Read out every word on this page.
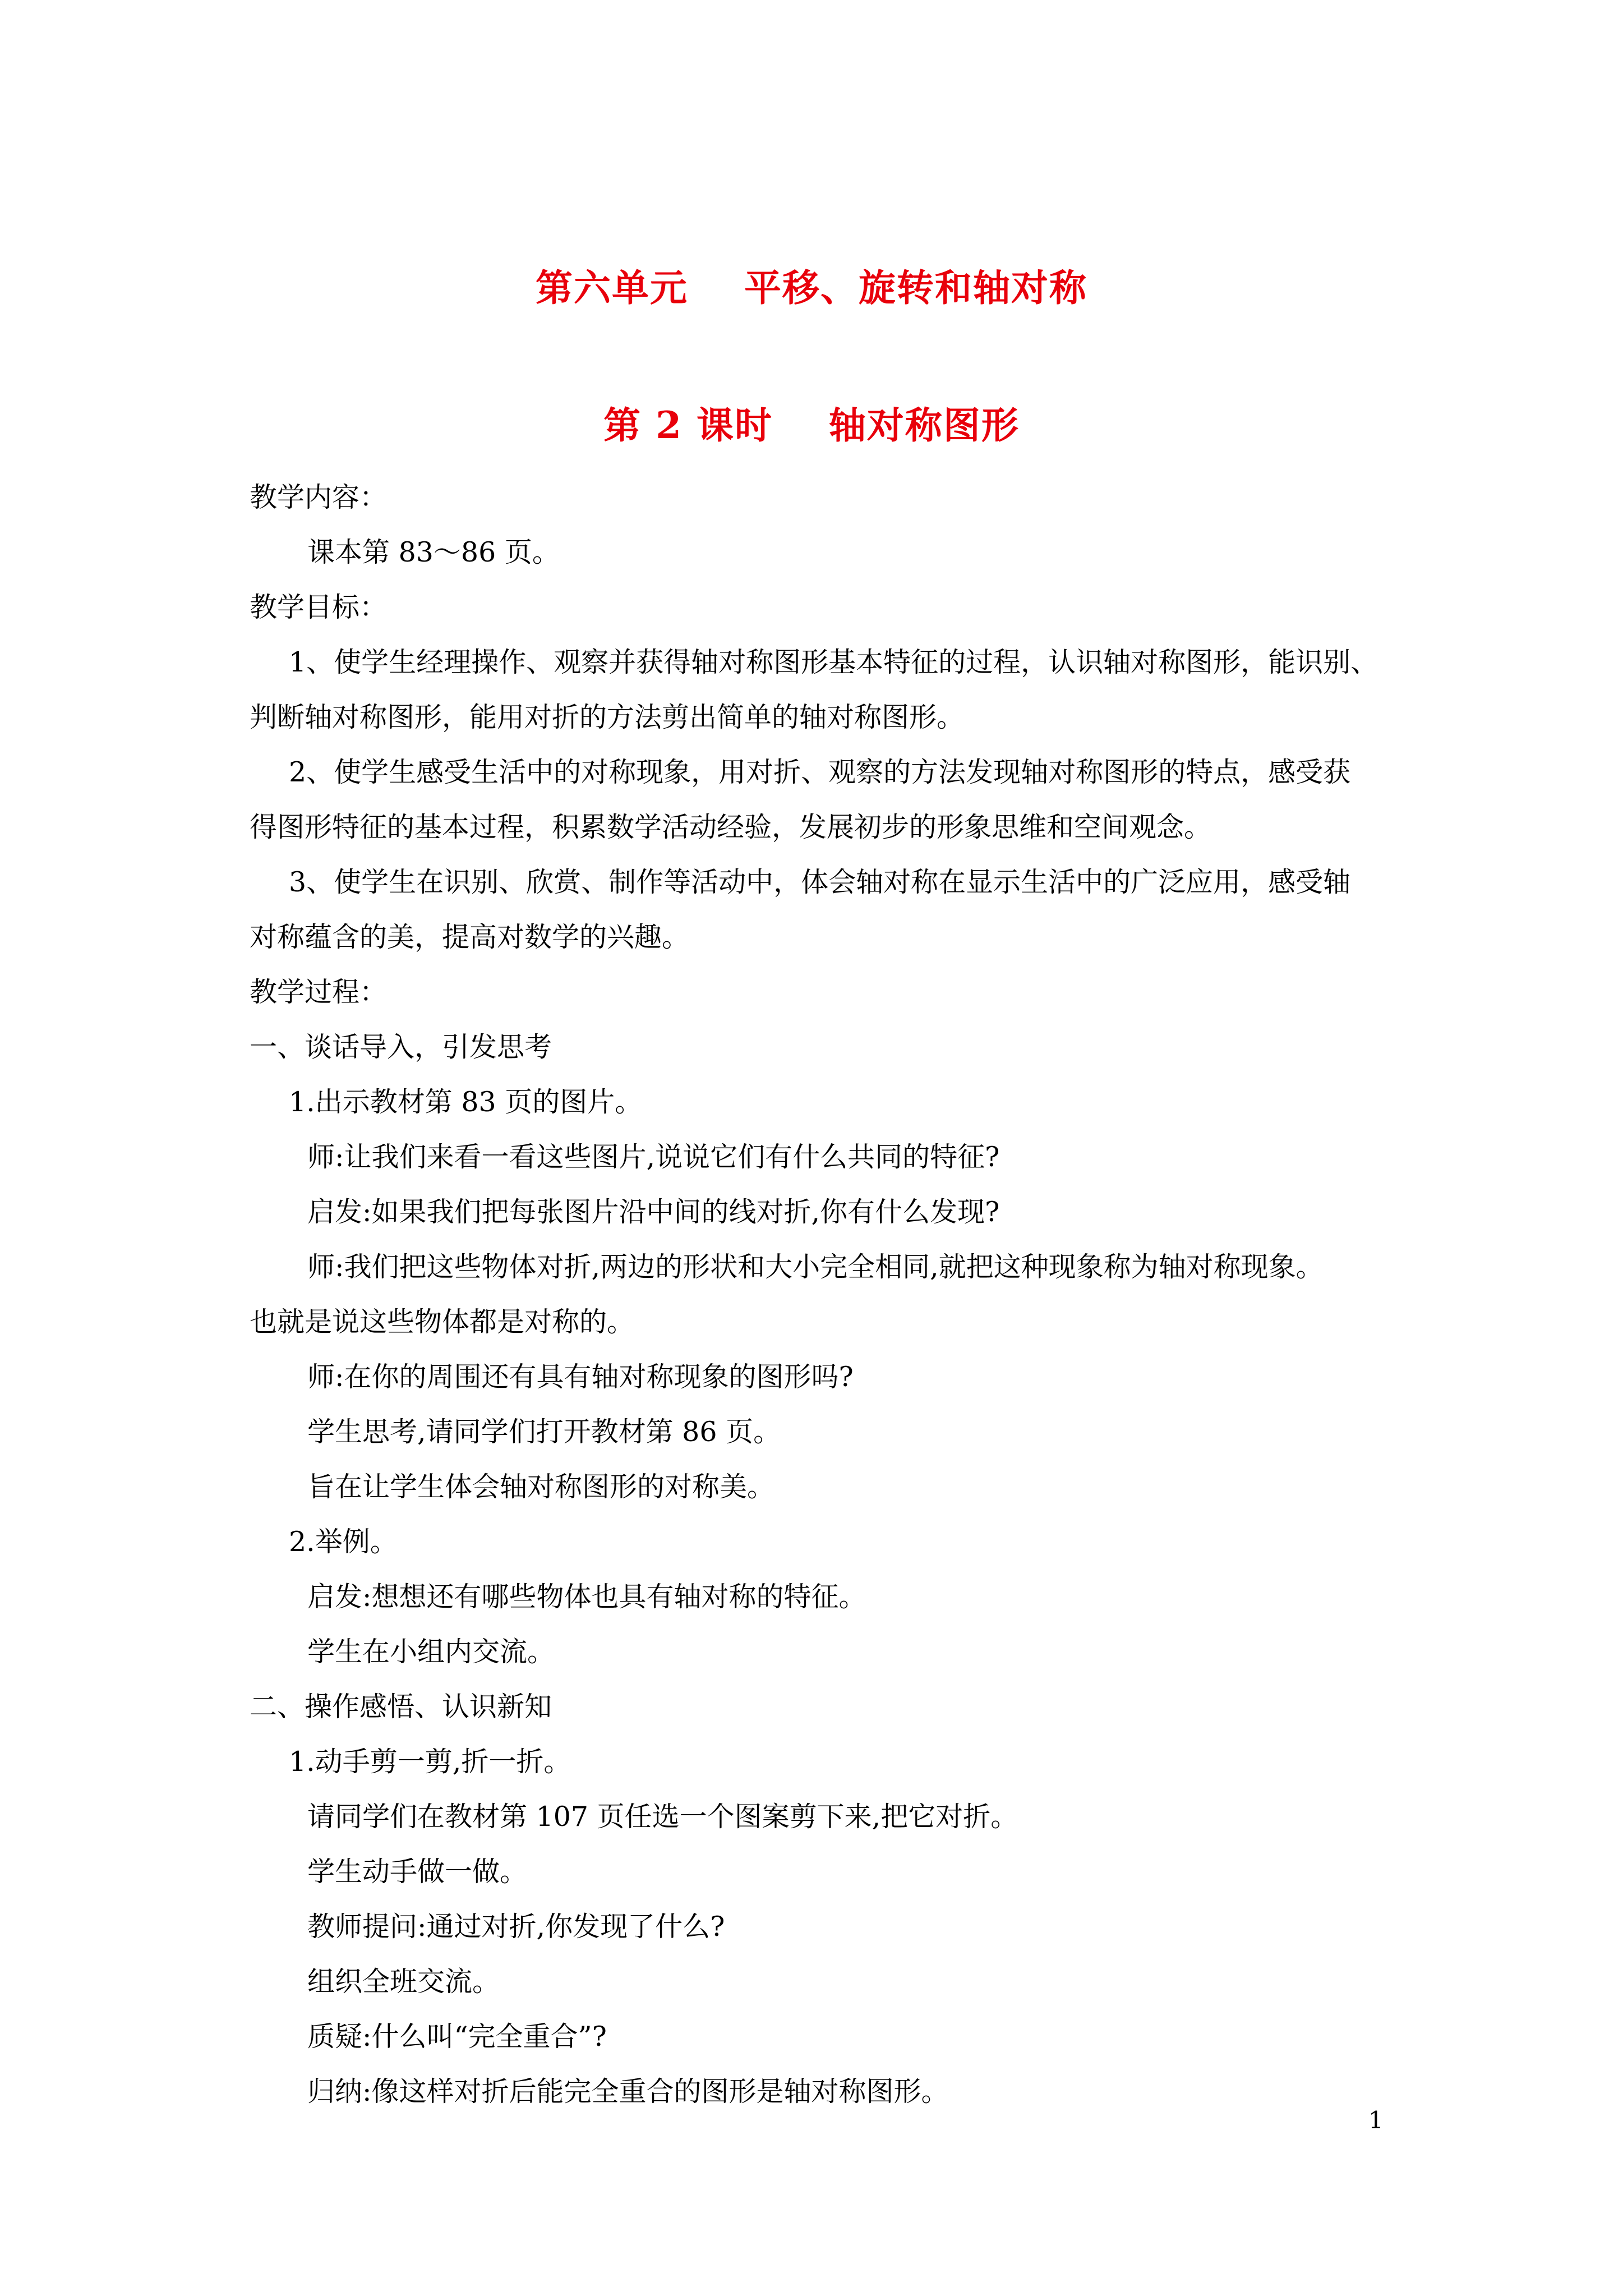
第六单元    平移、旋转和轴对称
第 2 课时    轴对称图形
教学内容：
课本第 83～86 页。
教学目标：
1、使学生经理操作、观察并获得轴对称图形基本特征的过程，认识轴对称图形，能识别、
判断轴对称图形，能用对折的方法剪出简单的轴对称图形。
2、使学生感受生活中的对称现象，用对折、观察的方法发现轴对称图形的特点，感受获
得图形特征的基本过程，积累数学活动经验，发展初步的形象思维和空间观念。
3、使学生在识别、欣赏、制作等活动中，体会轴对称在显示生活中的广泛应用，感受轴
对称蕴含的美，提高对数学的兴趣。
教学过程：
一、谈话导入，引发思考
1.出示教材第 83 页的图片。
师:让我们来看一看这些图片,说说它们有什么共同的特征?
启发:如果我们把每张图片沿中间的线对折,你有什么发现?
师:我们把这些物体对折,两边的形状和大小完全相同,就把这种现象称为轴对称现象。
也就是说这些物体都是对称的。
师:在你的周围还有具有轴对称现象的图形吗?
学生思考,请同学们打开教材第 86 页。
旨在让学生体会轴对称图形的对称美。
2.举例。
启发:想想还有哪些物体也具有轴对称的特征。
学生在小组内交流。
二、操作感悟、认识新知
1.动手剪一剪,折一折。
请同学们在教材第 107 页任选一个图案剪下来,把它对折。
学生动手做一做。
教师提问:通过对折,你发现了什么?
组织全班交流。
质疑:什么叫“完全重合”?
归纳:像这样对折后能完全重合的图形是轴对称图形。
1
